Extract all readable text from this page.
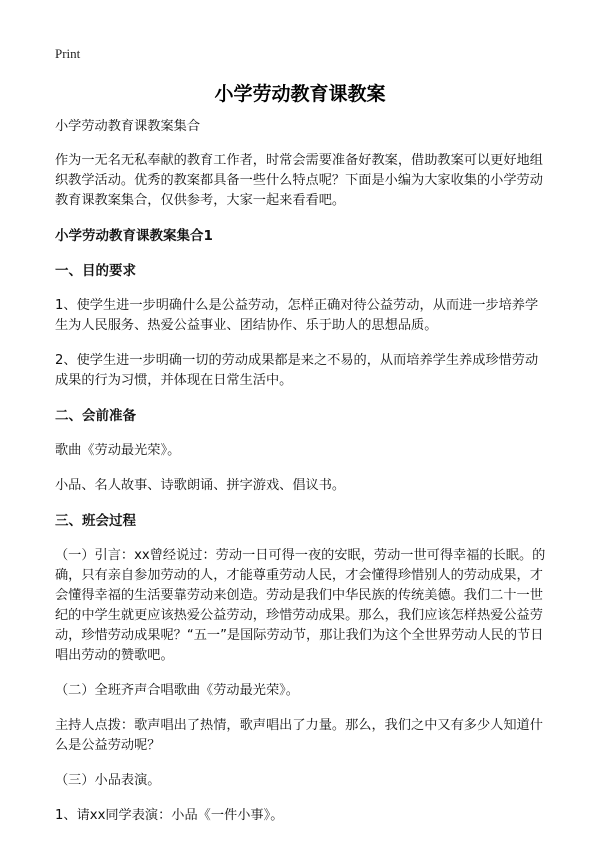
Print
小学劳动教育课教案

小学劳动教育课教案集合

作为一无名无私奉献的教育工作者，时常会需要准备好教案，借助教案可以更好地组织教学活动。优秀的教案都具备一些什么特点呢？下面是小编为大家收集的小学劳动教育课教案集合，仅供参考，大家一起来看看吧。

小学劳动教育课教案集合1
一、目的要求

1、使学生进一步明确什么是公益劳动，怎样正确对待公益劳动，从而进一步培养学生为人民服务、热爱公益事业、团结协作、乐于助人的思想品质。

2、使学生进一步明确一切的劳动成果都是来之不易的，从而培养学生养成珍惜劳动成果的行为习惯，并体现在日常生活中。

二、会前准备

歌曲《劳动最光荣》。

小品、名人故事、诗歌朗诵、拼字游戏、倡议书。

三、班会过程

（一）引言：xx曾经说过：劳动一日可得一夜的安眠，劳动一世可得幸福的长眠。的确，只有亲自参加劳动的人，才能尊重劳动人民，才会懂得珍惜别人的劳动成果，才会懂得幸福的生活要靠劳动来创造。劳动是我们中华民族的传统美德。我们二十一世纪的中学生就更应该热爱公益劳动，珍惜劳动成果。那么，我们应该怎样热爱公益劳动，珍惜劳动成果呢？“五一”是国际劳动节，那让我们为这个全世界劳动人民的节日唱出劳动的赞歌吧。

（二）全班齐声合唱歌曲《劳动最光荣》。

主持人点拨：歌声唱出了热情，歌声唱出了力量。那么，我们之中又有多少人知道什么是公益劳动呢？

（三）小品表演。

1、请xx同学表演：小品《一件小事》。
